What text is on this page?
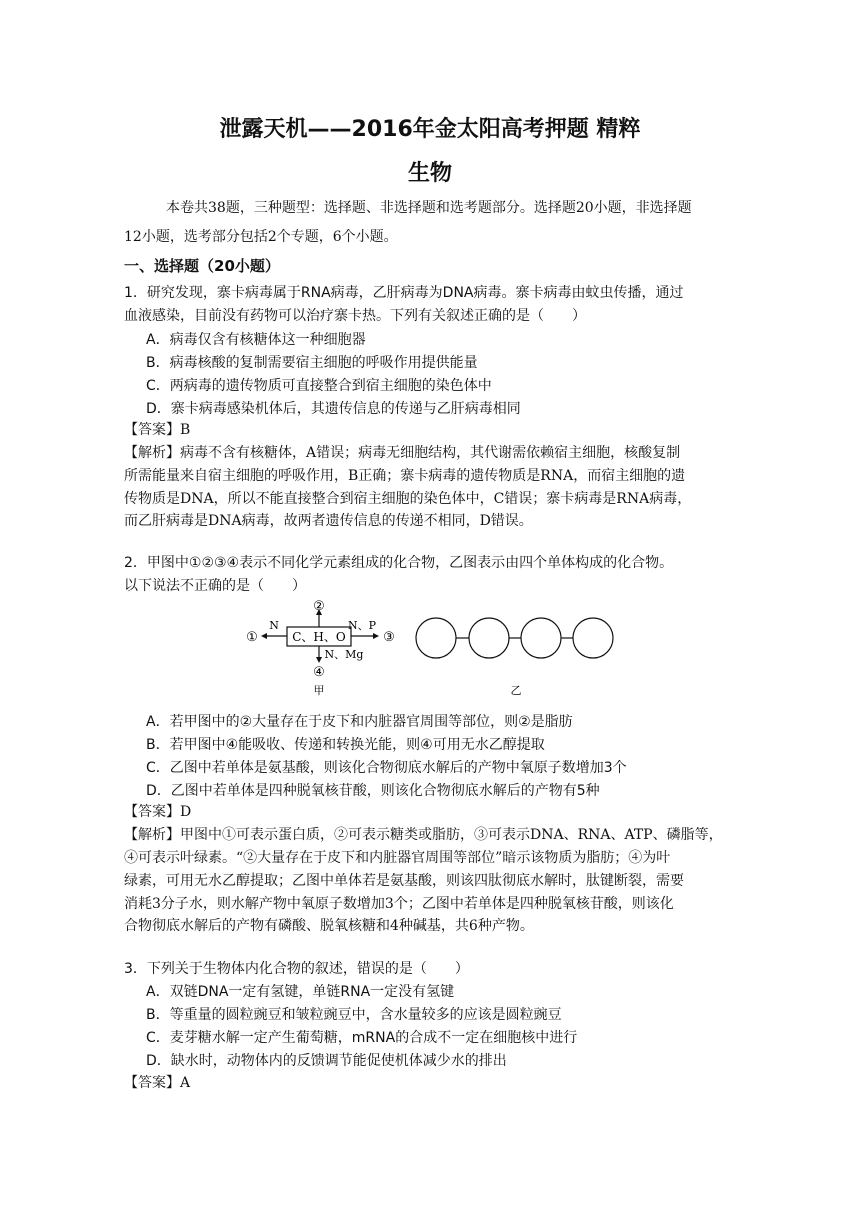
泄露天机——2016年金太阳高考押题 精粹
生物
本卷共38题，三种题型：选择题、非选择题和选考题部分。选择题20小题，非选择题
12小题，选考部分包括2个专题，6个小题。
一、选择题（20小题）
1．研究发现，寨卡病毒属于RNA病毒，乙肝病毒为DNA病毒。寨卡病毒由蚊虫传播，通过
血液感染，目前没有药物可以治疗寨卡热。下列有关叙述正确的是（　　）
A．病毒仅含有核糖体这一种细胞器
B．病毒核酸的复制需要宿主细胞的呼吸作用提供能量
C．两病毒的遗传物质可直接整合到宿主细胞的染色体中
D．寨卡病毒感染机体后，其遗传信息的传递与乙肝病毒相同
【答案】B
【解析】病毒不含有核糖体，A错误；病毒无细胞结构，其代谢需依赖宿主细胞，核酸复制
所需能量来自宿主细胞的呼吸作用，B正确；寨卡病毒的遗传物质是RNA，而宿主细胞的遗
传物质是DNA，所以不能直接整合到宿主细胞的染色体中，C错误；寨卡病毒是RNA病毒，
而乙肝病毒是DNA病毒，故两者遗传信息的传递不相同，D错误。
2．甲图中①②③④表示不同化学元素组成的化合物，乙图表示由四个单体构成的化合物。
以下说法不正确的是（　　）
C、H、O
②
①
N
③
N、P
N、Mg
④
甲	乙
A．若甲图中的②大量存在于皮下和内脏器官周围等部位，则②是脂肪
B．若甲图中④能吸收、传递和转换光能，则④可用无水乙醇提取
C．乙图中若单体是氨基酸，则该化合物彻底水解后的产物中氧原子数增加3个
D．乙图中若单体是四种脱氧核苷酸，则该化合物彻底水解后的产物有5种
【答案】D
【解析】甲图中①可表示蛋白质，②可表示糖类或脂肪，③可表示DNA、RNA、ATP、磷脂等，
④可表示叶绿素。“②大量存在于皮下和内脏器官周围等部位”暗示该物质为脂肪；④为叶
绿素，可用无水乙醇提取；乙图中单体若是氨基酸，则该四肽彻底水解时，肽键断裂，需要
消耗3分子水，则水解产物中氧原子数增加3个；乙图中若单体是四种脱氧核苷酸，则该化
合物彻底水解后的产物有磷酸、脱氧核糖和4种碱基，共6种产物。
3．下列关于生物体内化合物的叙述，错误的是（　　）
A．双链DNA一定有氢键，单链RNA一定没有氢键
B．等重量的圆粒豌豆和皱粒豌豆中，含水量较多的应该是圆粒豌豆
C．麦芽糖水解一定产生葡萄糖，mRNA的合成不一定在细胞核中进行
D．缺水时，动物体内的反馈调节能促使机体减少水的排出
【答案】A
